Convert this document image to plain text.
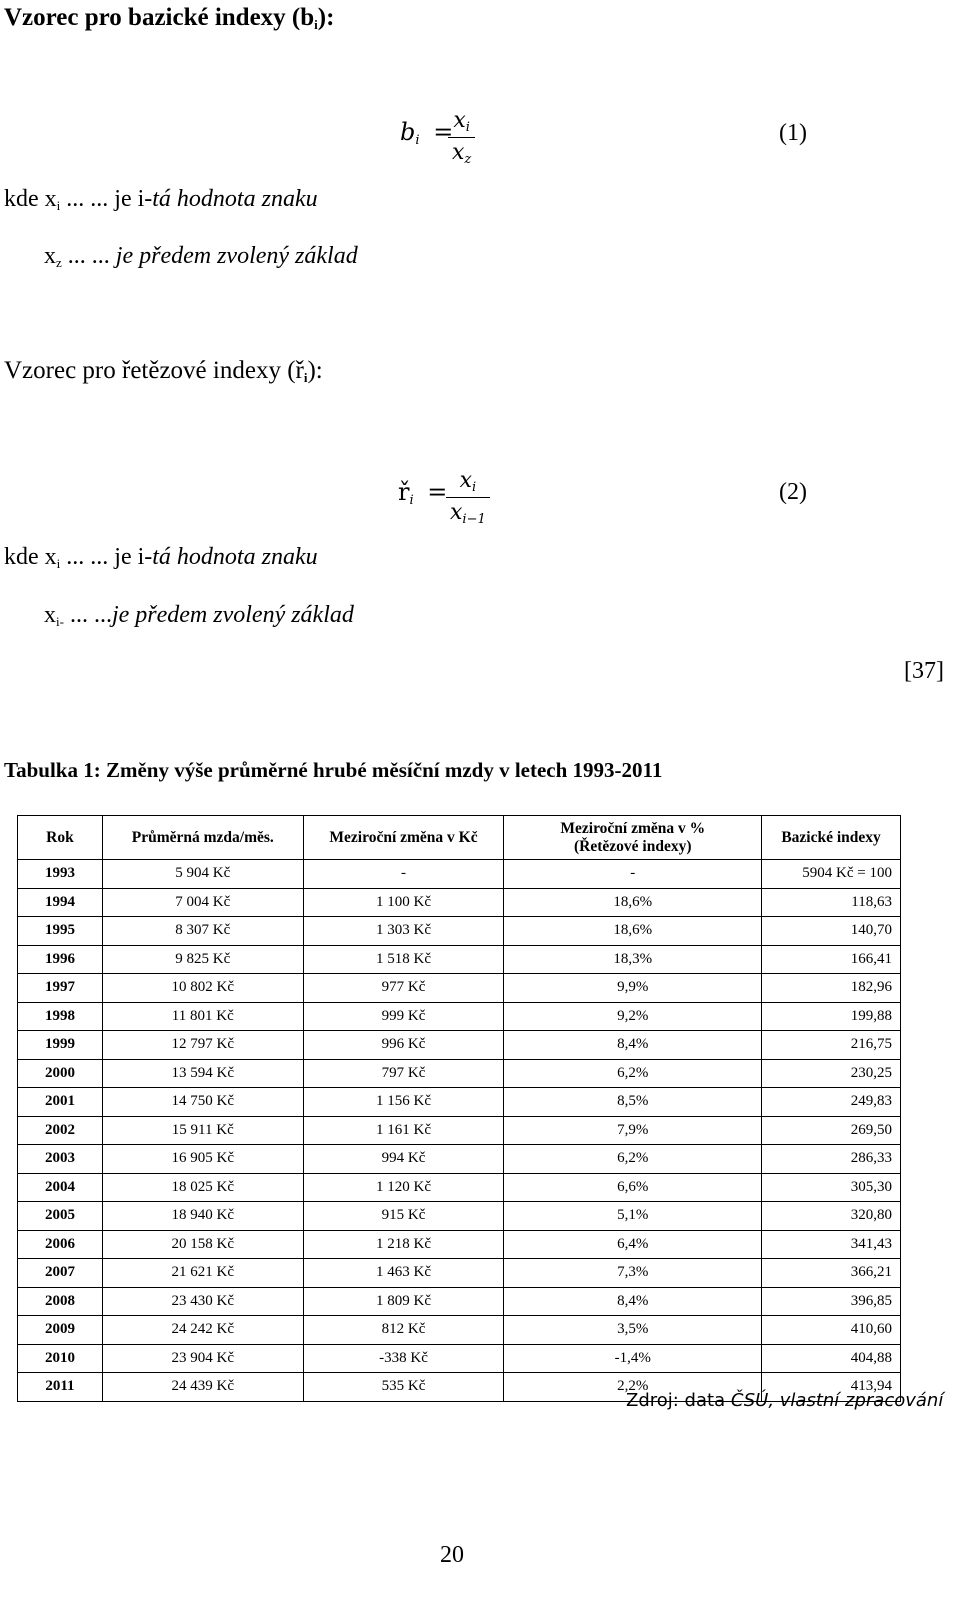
Vzorec pro bazické indexy $(b_i)$:
$b_i$ =
$\frac{x_i}{x_z}$	(1)
kde $x_i$ ... ... je i-tá hodnota znaku
$x_z$ ... ... je předem zvolený základ
Vzorec pro řetězové indexy $(ř_i)$:
$ř_i$ =
$\frac{x_i}{x_{i-1}}$	(2)
kde $x_i$ ... ... je i-tá hodnota znaku
$x_{i-}$ ... ...je předem zvolený základ
[37]
Tabulka 1: Změny výše průměrné hrubé měsíční mzdy v letech 1993-2011
Rok	Průměrná mzda/měs.	Meziroční změna v Kč	Meziroční změna v % (Řetězové indexy)	Bazické indexy
1993	5 904 Kč	-	-	5904 Kč = 100
1994	7 004 Kč	1 100 Kč	18,6%	118,63
1995	8 307 Kč	1 303 Kč	18,6%	140,70
1996	9 825 Kč	1 518 Kč	18,3%	166,41
1997	10 802 Kč	977 Kč	9,9%	182,96
1998	11 801 Kč	999 Kč	9,2%	199,88
1999	12 797 Kč	996 Kč	8,4%	216,75
2000	13 594 Kč	797 Kč	6,2%	230,25
2001	14 750 Kč	1 156 Kč	8,5%	249,83
2002	15 911 Kč	1 161 Kč	7,9%	269,50
2003	16 905 Kč	994 Kč	6,2%	286,33
2004	18 025 Kč	1 120 Kč	6,6%	305,30
2005	18 940 Kč	915 Kč	5,1%	320,80
2006	20 158 Kč	1 218 Kč	6,4%	341,43
2007	21 621 Kč	1 463 Kč	7,3%	366,21
2008	23 430 Kč	1 809 Kč	8,4%	396,85
2009	24 242 Kč	812 Kč	3,5%	410,60
2010	23 904 Kč	-338 Kč	-1,4%	404,88
2011	24 439 Kč	535 Kč	2,2%	413,94
Zdroj: data ČSÚ, vlastní zpracování
20
